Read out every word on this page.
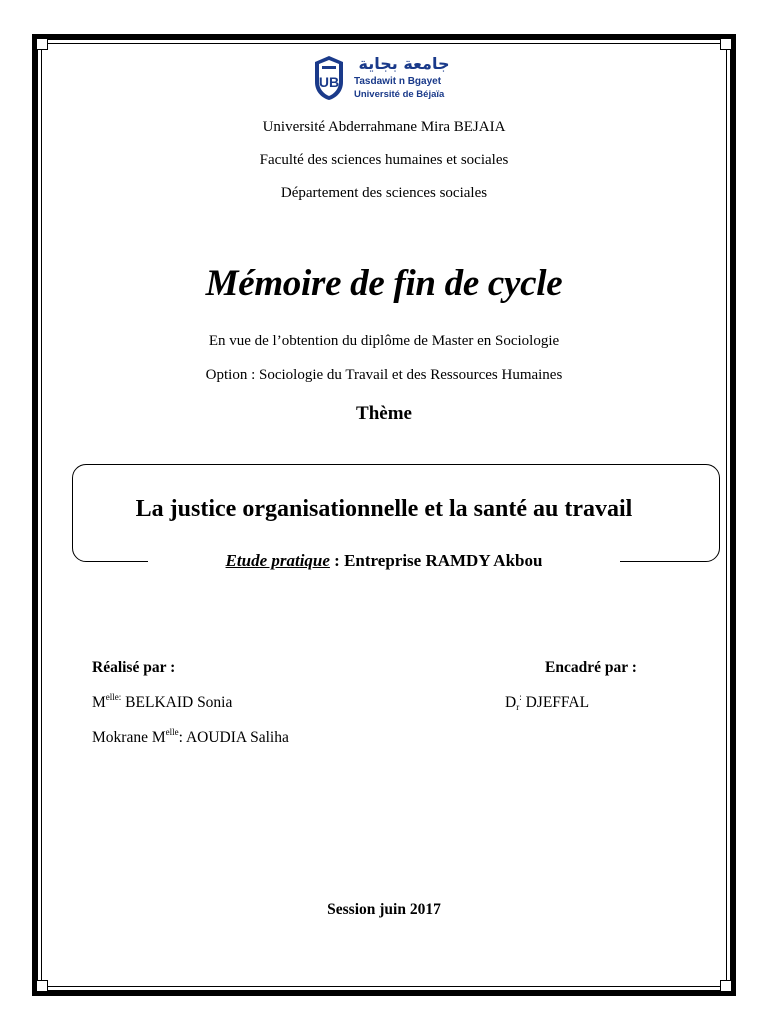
UB
جامعة بجاية
Tasdawit n Bgayet
Université de Béjaïa
Université Abderrahmane Mira BEJAIA
Faculté des sciences humaines et sociales
Département des sciences sociales
Mémoire de fin de cycle
En vue de l’obtention du diplôme de Master en Sociologie
Option : Sociologie du Travail et des Ressources Humaines
Thème
La justice organisationnelle et la santé au travail
Etude pratique : Entreprise RAMDY Akbou
Réalisé par :
$M^{elle:}$ BELKAID Sonia
Mokrane $M^{elle}$: AOUDIA Saliha
Encadré par :
$D_r^:$ DJEFFAL
Session juin 2017
